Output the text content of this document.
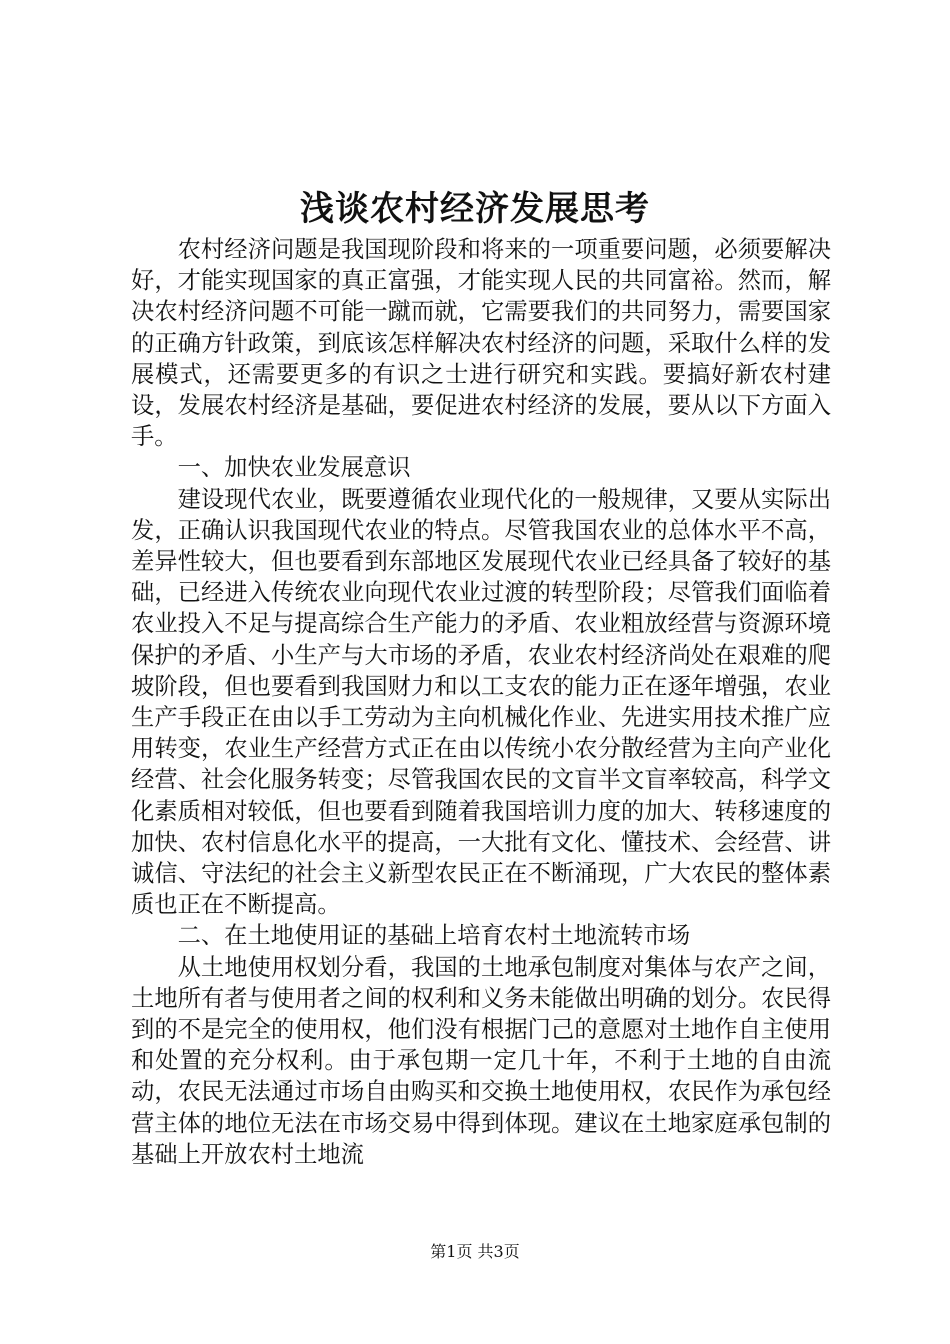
浅谈农村经济发展思考

农村经济问题是我国现阶段和将来的一项重要问题，必须要解决好，才能实现国家的真正富强，才能实现人民的共同富裕。然而，解决农村经济问题不可能一蹴而就，它需要我们的共同努力，需要国家的正确方针政策，到底该怎样解决农村经济的问题，采取什么样的发展模式，还需要更多的有识之士进行研究和实践。要搞好新农村建设，发展农村经济是基础，要促进农村经济的发展，要从以下方面入手。

一、加快农业发展意识

建设现代农业，既要遵循农业现代化的一般规律，又要从实际出发，正确认识我国现代农业的特点。尽管我国农业的总体水平不高，差异性较大，但也要看到东部地区发展现代农业已经具备了较好的基础，已经进入传统农业向现代农业过渡的转型阶段；尽管我们面临着农业投入不足与提高综合生产能力的矛盾、农业粗放经营与资源环境保护的矛盾、小生产与大市场的矛盾，农业农村经济尚处在艰难的爬坡阶段，但也要看到我国财力和以工支农的能力正在逐年增强，农业生产手段正在由以手工劳动为主向机械化作业、先进实用技术推广应用转变，农业生产经营方式正在由以传统小农分散经营为主向产业化经营、社会化服务转变；尽管我国农民的文盲半文盲率较高，科学文化素质相对较低，但也要看到随着我国培训力度的加大、转移速度的加快、农村信息化水平的提高，一大批有文化、懂技术、会经营、讲诚信、守法纪的社会主义新型农民正在不断涌现，广大农民的整体素质也正在不断提高。

二、在土地使用证的基础上培育农村土地流转市场

从土地使用权划分看，我国的土地承包制度对集体与农产之间，土地所有者与使用者之间的权利和义务未能做出明确的划分。农民得到的不是完全的使用权，他们没有根据门己的意愿对土地作自主使用和处置的充分权利。由于承包期一定几十年，不利于土地的自由流动，农民无法通过市场自由购买和交换土地使用权，农民作为承包经营主体的地位无法在市场交易中得到体现。建议在土地家庭承包制的基础上开放农村土地流

第1页 共3页
